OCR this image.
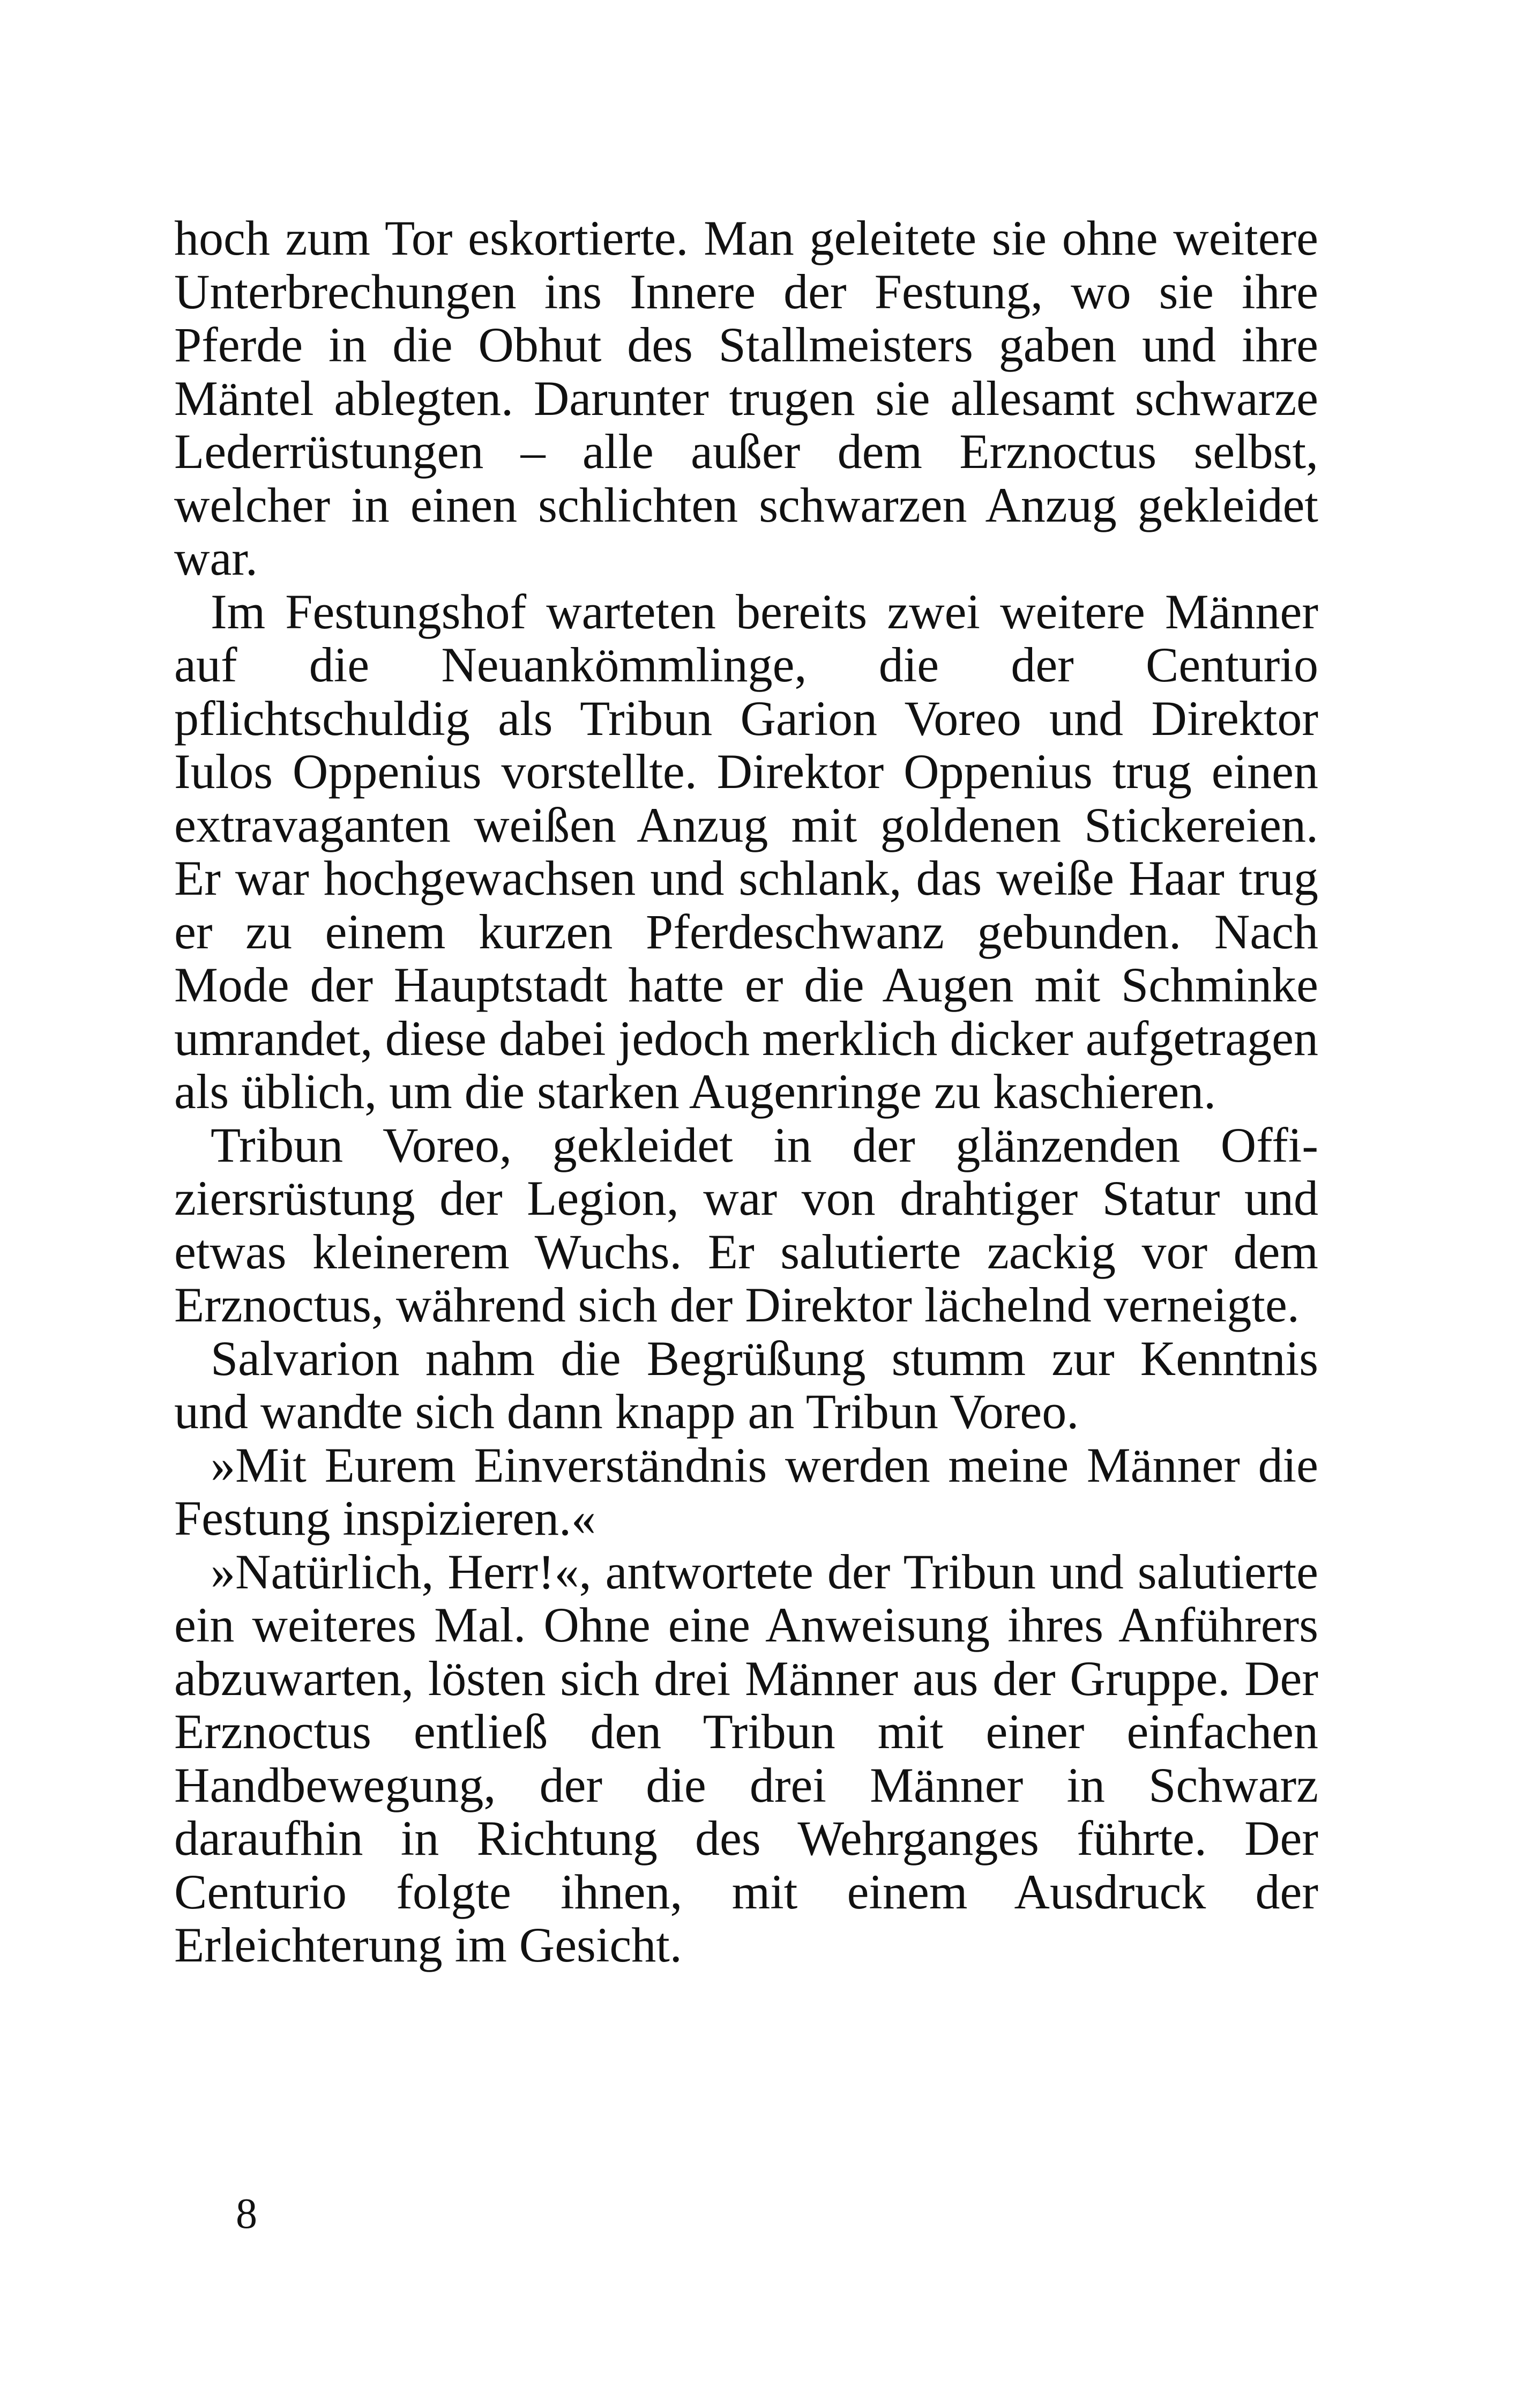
hoch zum Tor eskortierte. Man geleitete sie ohne weitere Unterbrechungen ins Innere der Festung, wo sie ihre Pferde in die Obhut des Stallmeisters gaben und ihre Mäntel ablegten. Darunter trugen sie allesamt schwarze Lederrüstungen – alle außer dem Erznoctus selbst, welcher in einen schlichten schwarzen Anzug gekleidet war.

Im Festungshof warteten bereits zwei weitere Männer auf die Neuankömmlinge, die der Centurio pflichtschuldig als Tribun Garion Voreo und Direktor Iulos Oppenius vorstellte. Direktor Oppenius trug einen extravaganten weißen Anzug mit goldenen Stickereien. Er war hochgewachsen und schlank, das weiße Haar trug er zu einem kurzen Pferdeschwanz gebunden. Nach Mode der Hauptstadt hatte er die Augen mit Schminke umrandet, diese dabei jedoch merklich dicker aufgetragen als üblich, um die starken Augenringe zu kaschieren.

Tribun Voreo, gekleidet in der glänzenden Offiziersrüstung der Legion, war von drahtiger Statur und etwas kleinerem Wuchs. Er salutierte zackig vor dem Erznoctus, während sich der Direktor lächelnd verneigte.

Salvarion nahm die Begrüßung stumm zur Kenntnis und wandte sich dann knapp an Tribun Voreo.

»Mit Eurem Einverständnis werden meine Männer die Festung inspizieren.«

»Natürlich, Herr!«, antwortete der Tribun und salutierte ein weiteres Mal. Ohne eine Anweisung ihres Anführers abzuwarten, lösten sich drei Männer aus der Gruppe. Der Erznoctus entließ den Tribun mit einer einfachen Handbewegung, der die drei Männer in Schwarz daraufhin in Richtung des Wehrganges führte. Der Centurio folgte ihnen, mit einem Ausdruck der Erleichterung im Gesicht.

8
